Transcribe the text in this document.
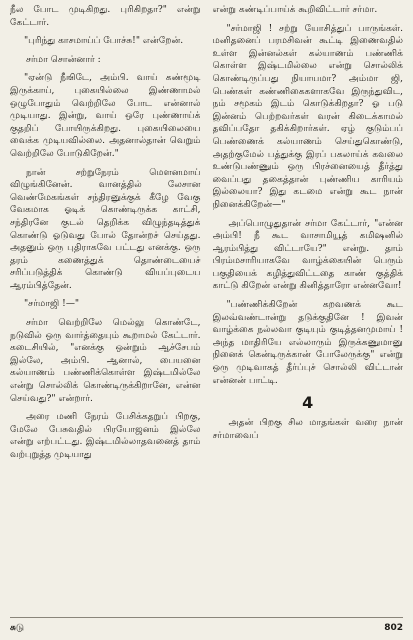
நீல போட முடிகிறது. புரிகிறதா?" என்று கேட்டார்.

"புரிந்து காசமாய்ப் போச்சு!" என்றேன்.

சர்மா சொன்னார் :

"ஏன்டு நீஙிடே, அம்பி. வாய் கண்மூடி இருக்காய், புகையில்லை இண்ணாமல் ஒழுபோதும் வெற்றிலே போட என்னால் முடியாது. இன்று, வாய் ஒரே புண்ணாய்க் குதறிப் போயிருக்கிறது. புகையிலையை வைக்க முடியவில்லை. அதனால்தான் வெறும் வெற்றிலே போடுகிறேன்."

நான் சற்றுநேரம் மௌனமாய் விழுங்கினேன். வானத்தில் லேசான வெண்மேகங்கள் சந்திரனுக்குக் கீழே வேகு வேகமாக ஓடிக் கொண்டிருக்க காட்சி, சந்திரனே குடல் தெறிக்க விழுந்தடித்துக் கொண்டு ஓடுவது போல் தோன்றச் செய்தது. அதனும் ஒரு புதிராகவே பட்டது எனக்கு. ஒரு தரம் கணைத்துக் தொண்டையைச் சரிப்படுத்திக் கொண்டு வியப்புடைய ஆரம்பித்தேன்.

"சர்மாஜி !—"

சர்மா வெற்றிலே மெல்லு கொண்டே, நடுவில் ஒரு வார்த்தையும் கூறாமல் கேட்டார். கடைசியில், "எனக்கு ஒன்றும் ஆச்சேபம் இல்லே, அம்பி. ஆனால், பையனை கல்யாணம் பண்ணிக்கொள்ள இஷ்டமில்லே என்று சொல்லிக் கொண்டிருக்கிறானே, என்ன செய்வது?" என்றார்.

அரை மணி நேரம் பேசிக்கதறுப் பிறகு, மேலே பேசுவதில் பிரயோஜனம் இல்லே என்று எற்பட்டது. இஷ்டமில்லாதவனைத் தாம் வற்புறுத்த முடியாது

என்று கண்டிப்பாய்க் கூறிவிட்டார் சர்மா.

"சர்மாஜி ! சற்று யோசித்துப் பாருங்கள். மனிதனைப் பரமசிவன் கூட்டி இணைவதில் உள்ள இன்னல்கள் கல்யாணம் பண்ணிக் கொள்ள இஷ்டமில்லை என்று சொல்லிக் கொண்டிருப்பது நியாயமா? அம்மா ஜி, பெண்கள் கண்ணிகைகளாகவே இருந்துவிட, நம் சமூகம் இடம் கொடுக்கிறதா? ஓ படு இன்னம் பெற்றவர்கள் வரன் கிடைக்காமல் தவிப்பதோ தகிக்கிறார்கள். ஏழ் குடும்பப் பெண்ணைக் கல்யாணம் செய்துகொண்டு, அதற்குமேல் பத்துக்கு இரப் பகலாய்க் கவலை உண்டுபண்ணும் ஒரு பிரச்னையைத் தீர்த்து வைப்பது தகைத்தான் புண்ணிய காரியம் இல்லையா? இது கடமை என்று கூட நான் நினைக்கிறேன்—"

அப்பொழுதுதான் சர்மா கேட்டார், "என்ன அம்பி! நீ கூட வாசாமியூத் கமிஷனில் ஆரம்பித்து விட்டாயே?" என்று. தாம் பிரம்மசாரியாகவே வாழ்க்கையின் பெரும் பகுதியைக் கழித்துவிட்டதை காண் குத்திக் காட்டு கிறேன் என்று கினித்தாரோ என்னவோ!

"பண்ணிக்கிறேன் கறவணக் கூட இலவ்வண்டான்று தடுக்குதினே ! இவன் வாழ்க்கை நல்லவா குடியும் குடித்தனமுமாய் ! அந்த மாதிரியே எல்லாரும் இருக்கணுமானு நினைக் கென்டிருக்கான் போலேருக்கு" என்று ஒரு முடிவாகத் தீர்ப்புச் சொல்லி விட்டான் என்னன் பாட்டி.

4

அதன் பிறகு சில மாதங்கள் வரை நான் சர்மாவைப்

சுடு	802
